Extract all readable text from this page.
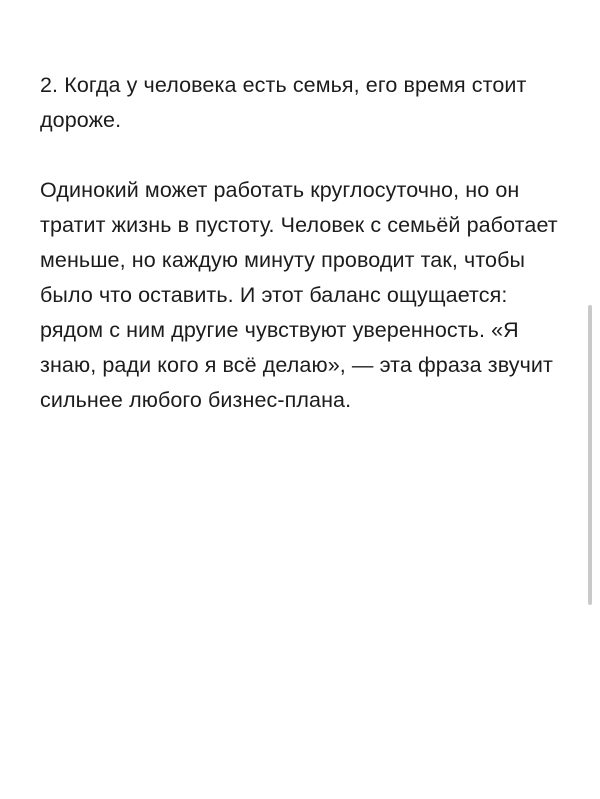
2. Когда у человека есть семья, его время стоит дороже.

Одинокий может работать круглосуточно, но он тратит жизнь в пустоту. Человек с семьёй работает меньше, но каждую минуту проводит так, чтобы было что оставить. И этот баланс ощущается: рядом с ним другие чувствуют уверенность. «Я знаю, ради кого я всё делаю», — эта фраза звучит сильнее любого бизнес-плана.
